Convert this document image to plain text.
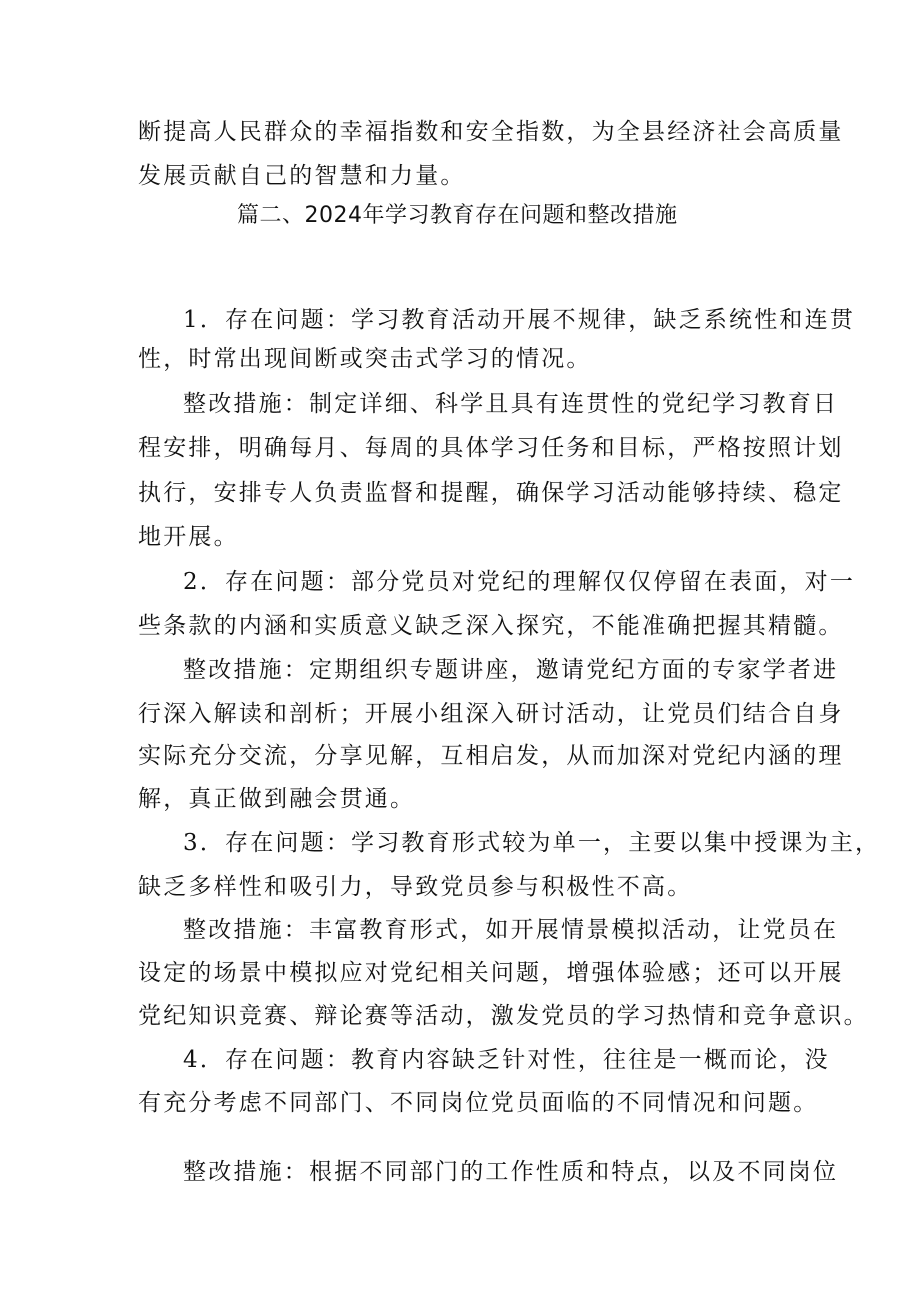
断提高人民群众的幸福指数和安全指数，为全县经济社会高质量
发展贡献自己的智慧和力量。
篇二、2024年学习教育存在问题和整改措施
1．存在问题：学习教育活动开展不规律，缺乏系统性和连贯
性，时常出现间断或突击式学习的情况。
整改措施：制定详细、科学且具有连贯性的党纪学习教育日
程安排，明确每月、每周的具体学习任务和目标，严格按照计划
执行，安排专人负责监督和提醒，确保学习活动能够持续、稳定
地开展。
2．存在问题：部分党员对党纪的理解仅仅停留在表面，对一
些条款的内涵和实质意义缺乏深入探究，不能准确把握其精髓。
整改措施：定期组织专题讲座，邀请党纪方面的专家学者进
行深入解读和剖析；开展小组深入研讨活动，让党员们结合自身
实际充分交流，分享见解，互相启发，从而加深对党纪内涵的理
解，真正做到融会贯通。
3．存在问题：学习教育形式较为单一，主要以集中授课为主，
缺乏多样性和吸引力，导致党员参与积极性不高。
整改措施：丰富教育形式，如开展情景模拟活动，让党员在
设定的场景中模拟应对党纪相关问题，增强体验感；还可以开展
党纪知识竞赛、辩论赛等活动，激发党员的学习热情和竞争意识。
4．存在问题：教育内容缺乏针对性，往往是一概而论，没
有充分考虑不同部门、不同岗位党员面临的不同情况和问题。
整改措施：根据不同部门的工作性质和特点，以及不同岗位
